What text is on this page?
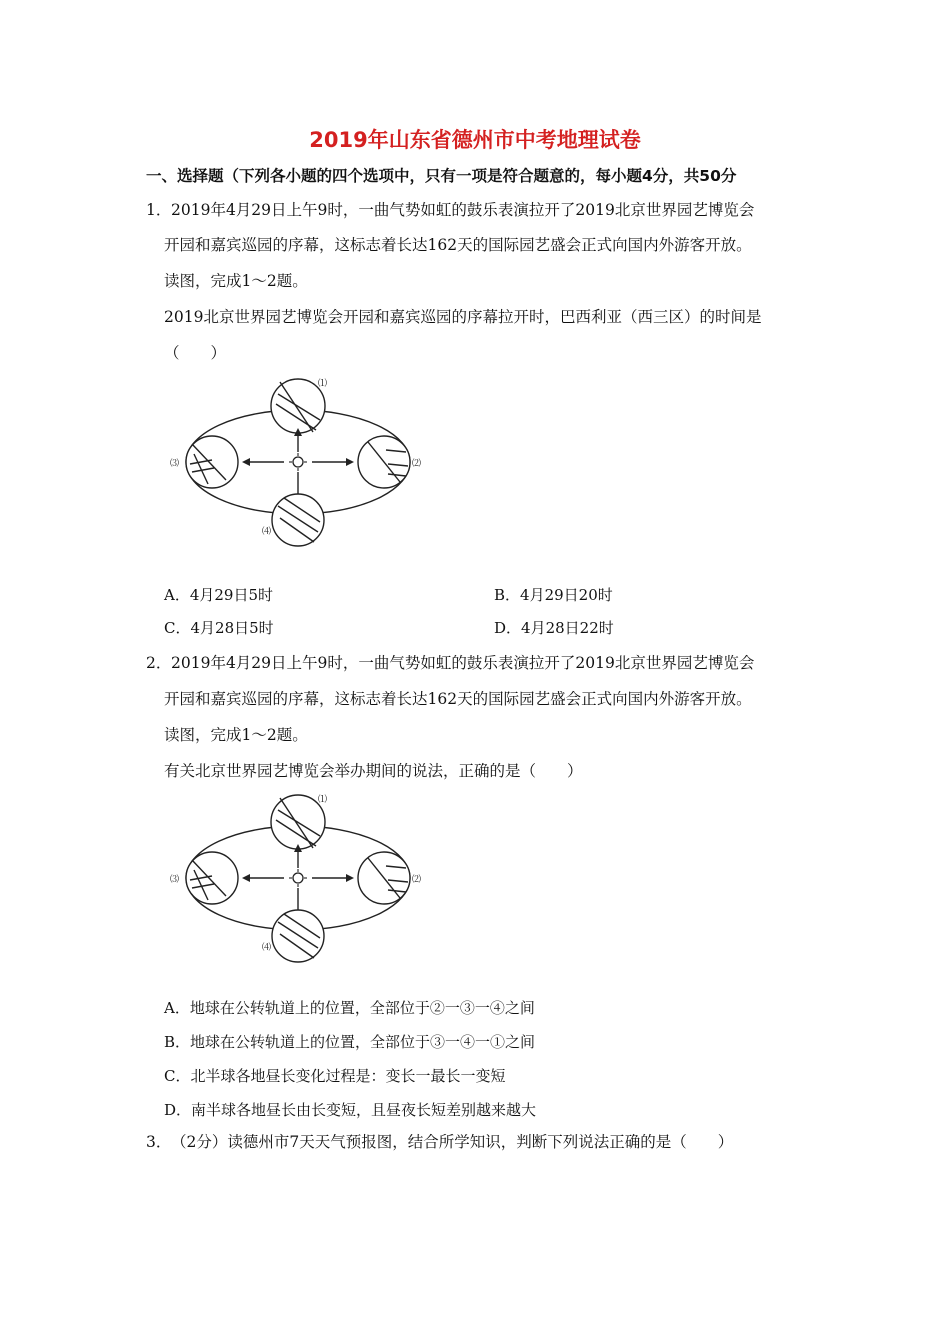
2019年山东省德州市中考地理试卷
一、选择题（下列各小题的四个选项中，只有一项是符合题意的，每小题4分，共50分
1． 2019年4月29日上午9时，一曲气势如虹的鼓乐表演拉开了2019北京世界园艺博览会
开园和嘉宾巡园的序幕，这标志着长达162天的国际园艺盛会正式向国内外游客开放。
读图，完成1～2题。
2019北京世界园艺博览会开园和嘉宾巡园的序幕拉开时，巴西利亚（西三区）的时间是
（　　）
⑴
⑶	⑵
⑷
A．4月29日5时	B．4月29日20时
C．4月28日5时	D．4月28日22时
2． 2019年4月29日上午9时，一曲气势如虹的鼓乐表演拉开了2019北京世界园艺博览会
开园和嘉宾巡园的序幕，这标志着长达162天的国际园艺盛会正式向国内外游客开放。
读图，完成1～2题。
有关北京世界园艺博览会举办期间的说法，正确的是（　　）
⑴
⑶	⑵
⑷
A．地球在公转轨道上的位置，全部位于②一③一④之间
B．地球在公转轨道上的位置，全部位于③一④一①之间
C．北半球各地昼长变化过程是：变长一最长一变短
D．南半球各地昼长由长变短，且昼夜长短差别越来越大
3． （2分）读德州市7天天气预报图，结合所学知识，判断下列说法正确的是（　　）
